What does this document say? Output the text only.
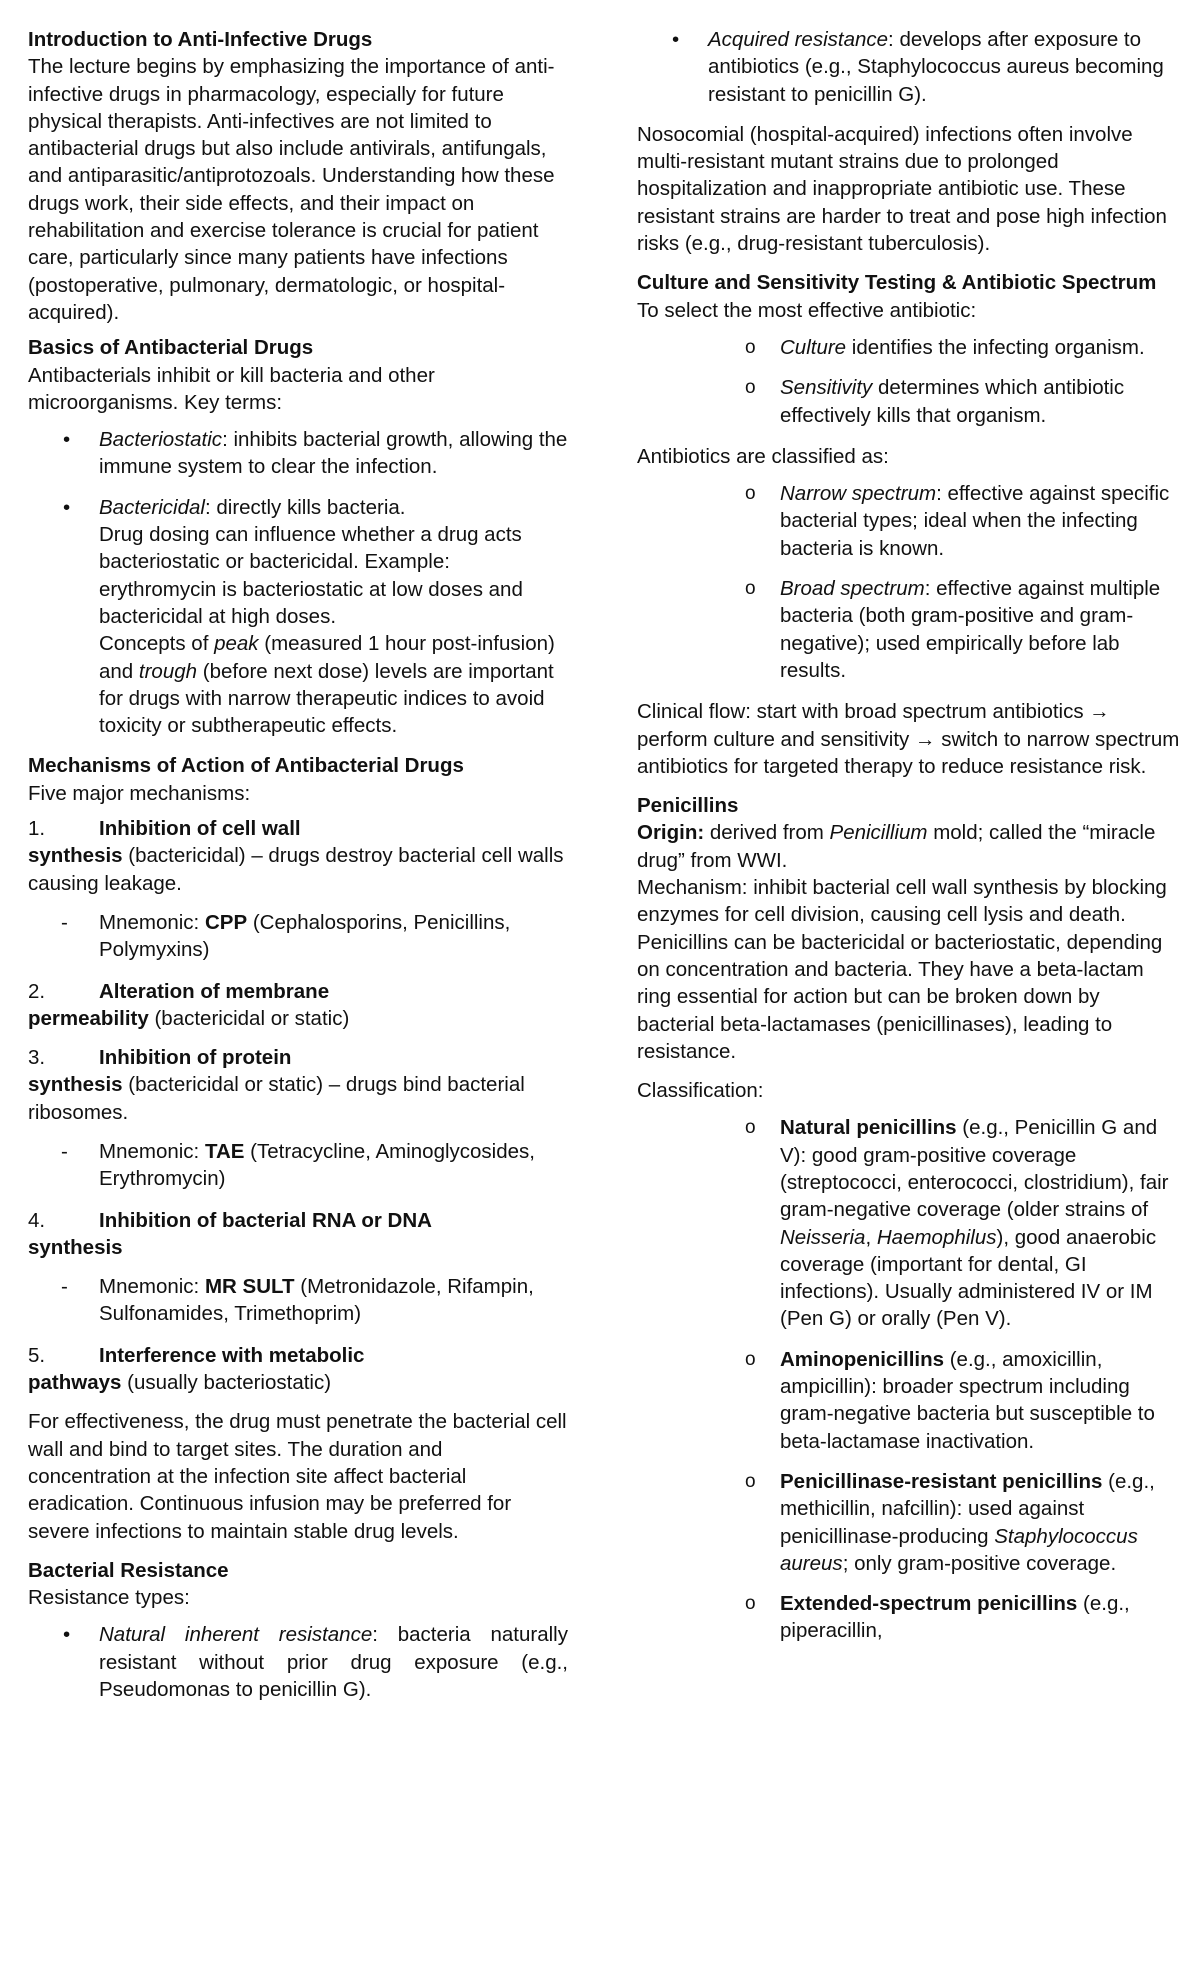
Introduction to Anti-Infective Drugs

The lecture begins by emphasizing the importance of anti-infective drugs in pharmacology, especially for future physical therapists. Anti-infectives are not limited to antibacterial drugs but also include antivirals, antifungals, and antiparasitic/antiprotozoals. Understanding how these drugs work, their side effects, and their impact on rehabilitation and exercise tolerance is crucial for patient care, particularly since many patients have infections (postoperative, pulmonary, dermatologic, or hospital-acquired).

Basics of Antibacterial Drugs

Antibacterials inhibit or kill bacteria and other microorganisms. Key terms:

• Bacteriostatic: inhibits bacterial growth, allowing the immune system to clear the infection.
• Bactericidal: directly kills bacteria.
Drug dosing can influence whether a drug acts bacteriostatic or bactericidal. Example: erythromycin is bacteriostatic at low doses and bactericidal at high doses.
Concepts of peak (measured 1 hour post-infusion) and trough (before next dose) levels are important for drugs with narrow therapeutic indices to avoid toxicity or subtherapeutic effects.

Mechanisms of Action of Antibacterial Drugs

Five major mechanisms:

1.	Inhibition of cell wall
synthesis (bactericidal) – drugs destroy bacterial cell walls causing leakage.

- Mnemonic: CPP (Cephalosporins, Penicillins, Polymyxins)

2.	Alteration of membrane
permeability (bactericidal or static)

3.	Inhibition of protein
synthesis (bactericidal or static) – drugs bind bacterial ribosomes.

- Mnemonic: TAE (Tetracycline, Aminoglycosides, Erythromycin)

4.	Inhibition of bacterial RNA or DNA
synthesis

- Mnemonic: MR SULT (Metronidazole, Rifampin, Sulfonamides, Trimethoprim)

5.	Interference with metabolic
pathways (usually bacteriostatic)

For effectiveness, the drug must penetrate the bacterial cell wall and bind to target sites. The duration and concentration at the infection site affect bacterial eradication. Continuous infusion may be preferred for severe infections to maintain stable drug levels.

Bacterial Resistance

Resistance types:

• Natural inherent resistance: bacteria naturally resistant without prior drug exposure (e.g., Pseudomonas to penicillin G).
• Acquired resistance: develops after exposure to antibiotics (e.g., Staphylococcus aureus becoming resistant to penicillin G).

Nosocomial (hospital-acquired) infections often involve multi-resistant mutant strains due to prolonged hospitalization and inappropriate antibiotic use. These resistant strains are harder to treat and pose high infection risks (e.g., drug-resistant tuberculosis).

Culture and Sensitivity Testing & Antibiotic Spectrum

To select the most effective antibiotic:

o Culture identifies the infecting organism.
o Sensitivity determines which antibiotic effectively kills that organism.

Antibiotics are classified as:

o Narrow spectrum: effective against specific bacterial types; ideal when the infecting bacteria is known.
o Broad spectrum: effective against multiple bacteria (both gram-positive and gram-negative); used empirically before lab results.

Clinical flow: start with broad spectrum antibiotics → perform culture and sensitivity → switch to narrow spectrum antibiotics for targeted therapy to reduce resistance risk.

Penicillins

Origin: derived from Penicillium mold; called the “miracle drug” from WWI.

Mechanism: inhibit bacterial cell wall synthesis by blocking enzymes for cell division, causing cell lysis and death.

Penicillins can be bactericidal or bacteriostatic, depending on concentration and bacteria. They have a beta-lactam ring essential for action but can be broken down by bacterial beta-lactamases (penicillinases), leading to resistance.

Classification:

o Natural penicillins (e.g., Penicillin G and V): good gram-positive coverage (streptococci, enterococci, clostridium), fair gram-negative coverage (older strains of Neisseria, Haemophilus), good anaerobic coverage (important for dental, GI infections). Usually administered IV or IM (Pen G) or orally (Pen V).
o Aminopenicillins (e.g., amoxicillin, ampicillin): broader spectrum including gram-negative bacteria but susceptible to beta-lactamase inactivation.
o Penicillinase-resistant penicillins (e.g., methicillin, nafcillin): used against penicillinase-producing Staphylococcus aureus; only gram-positive coverage.
o Extended-spectrum penicillins (e.g., piperacillin,
